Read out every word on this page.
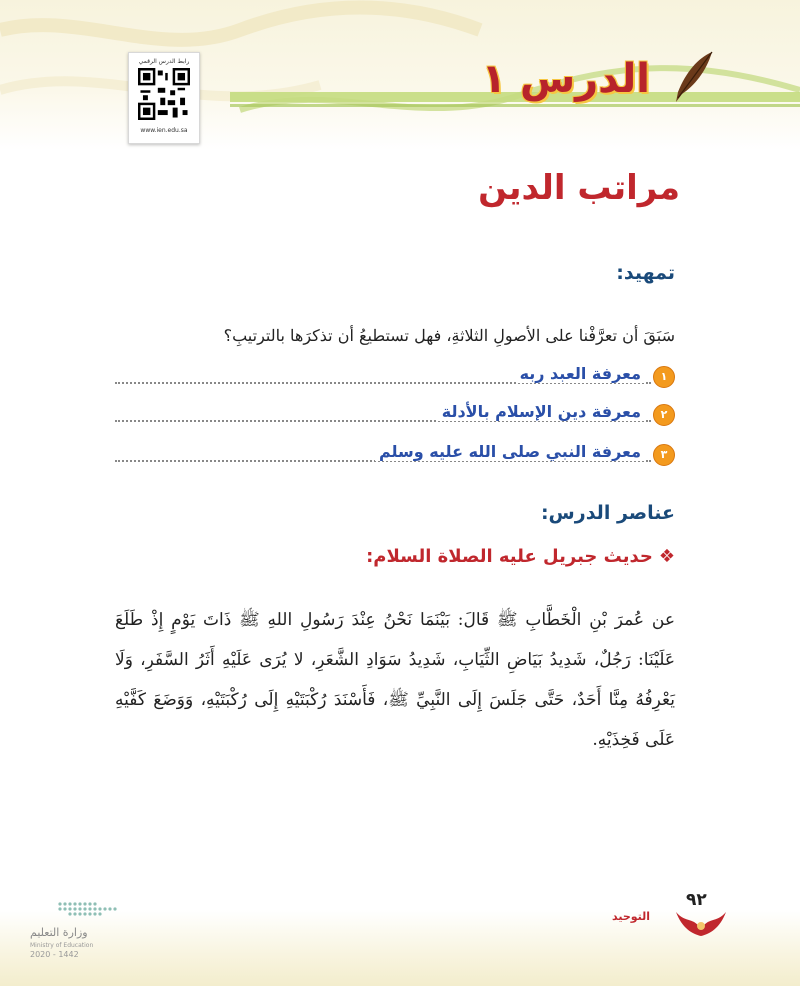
رابط الدرس الرقمي
www.ien.edu.sa
الدرس ١
مراتب الدين
تمهيد:
سَبَقَ أن تعرَّفْنا على الأصولِ الثلاثةِ، فهل تستطيعُ أن تذكرَها بالترتيبِ؟
١
معرفة العبد ربه
٢
معرفة دين الإسلام بالأدلة
٣
معرفة النبي صلى الله عليه وسلم
عناصر الدرس:
❖حديث جبريل عليه الصلاة السلام:
عن عُمرَ بْنِ الْخَطَّابِ ﷺ قَالَ: بَيْنَمَا نَحْنُ عِنْدَ رَسُولِ اللهِ ﷺ ذَاتَ يَوْمٍ إِذْ طَلَعَ عَلَيْنَا: رَجُلٌ، شَدِيدُ بَيَاضِ الثِّيَابِ، شَدِيدُ سَوَادِ الشَّعَرِ، لا يُرَى عَلَيْهِ أَثَرُ السَّفَرِ، وَلَا يَعْرِفُهُ مِنَّا أَحَدٌ، حَتَّى جَلَسَ إِلَى النَّبِيِّ ﷺ، فَأَسْنَدَ رُكْبَتَيْهِ إِلَى رُكْبَتَيْهِ، وَوَضَعَ كَفَّيْهِ عَلَى فَخِذَيْهِ.
٩٢
التوحيد
وزارة التعليم
Ministry of Education
2020 - 1442
